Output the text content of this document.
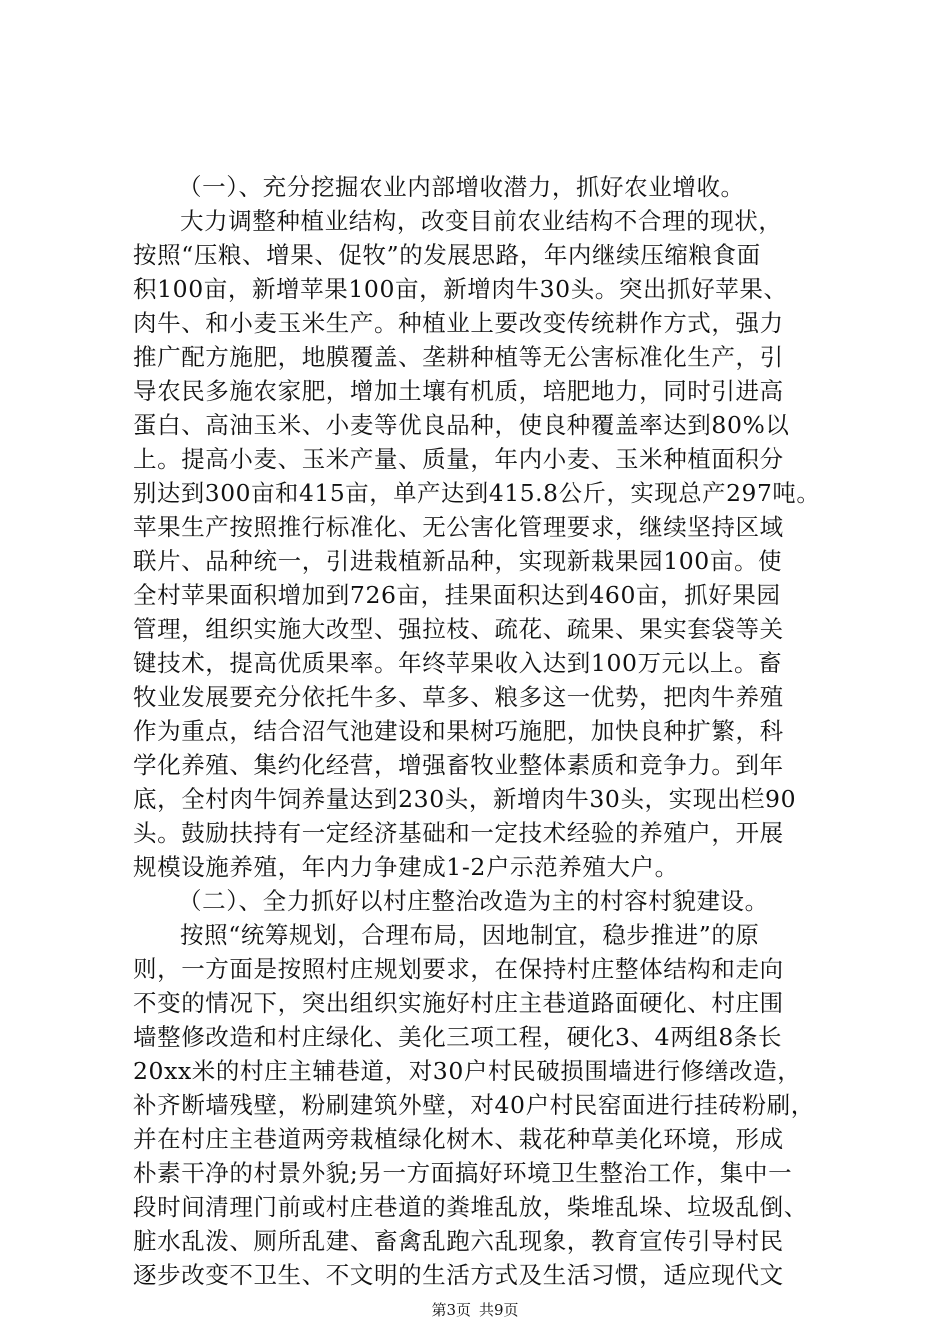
（一）、充分挖掘农业内部增收潜力，抓好农业增收。
大力调整种植业结构，改变目前农业结构不合理的现状，
按照“压粮、增果、促牧”的发展思路，年内继续压缩粮食面
积100亩，新增苹果100亩，新增肉牛30头。突出抓好苹果、
肉牛、和小麦玉米生产。种植业上要改变传统耕作方式，强力
推广配方施肥，地膜覆盖、垄耕种植等无公害标准化生产，引
导农民多施农家肥，增加土壤有机质，培肥地力，同时引进高
蛋白、高油玉米、小麦等优良品种，使良种覆盖率达到80%以
上。提高小麦、玉米产量、质量，年内小麦、玉米种植面积分
别达到300亩和415亩，单产达到415.8公斤，实现总产297吨。
苹果生产按照推行标准化、无公害化管理要求，继续坚持区域
联片、品种统一，引进栽植新品种，实现新栽果园100亩。使
全村苹果面积增加到726亩，挂果面积达到460亩，抓好果园
管理，组织实施大改型、强拉枝、疏花、疏果、果实套袋等关
键技术，提高优质果率。年终苹果收入达到100万元以上。畜
牧业发展要充分依托牛多、草多、粮多这一优势，把肉牛养殖
作为重点，结合沼气池建设和果树巧施肥，加快良种扩繁，科
学化养殖、集约化经营，增强畜牧业整体素质和竞争力。到年
底，全村肉牛饲养量达到230头，新增肉牛30头，实现出栏90
头。鼓励扶持有一定经济基础和一定技术经验的养殖户，开展
规模设施养殖，年内力争建成1-2户示范养殖大户。
（二）、全力抓好以村庄整治改造为主的村容村貌建设。
按照“统筹规划，合理布局，因地制宜，稳步推进”的原
则，一方面是按照村庄规划要求，在保持村庄整体结构和走向
不变的情况下，突出组织实施好村庄主巷道路面硬化、村庄围
墙整修改造和村庄绿化、美化三项工程，硬化3、4两组8条长
20xx米的村庄主辅巷道，对30户村民破损围墙进行修缮改造，
补齐断墙残壁，粉刷建筑外壁，对40户村民窑面进行挂砖粉刷，
并在村庄主巷道两旁栽植绿化树木、栽花种草美化环境，形成
朴素干净的村景外貌;另一方面搞好环境卫生整治工作，集中一
段时间清理门前或村庄巷道的粪堆乱放，柴堆乱垛、垃圾乱倒、
脏水乱泼、厕所乱建、畜禽乱跑六乱现象，教育宣传引导村民
逐步改变不卫生、不文明的生活方式及生活习惯，适应现代文
第3页 共9页
